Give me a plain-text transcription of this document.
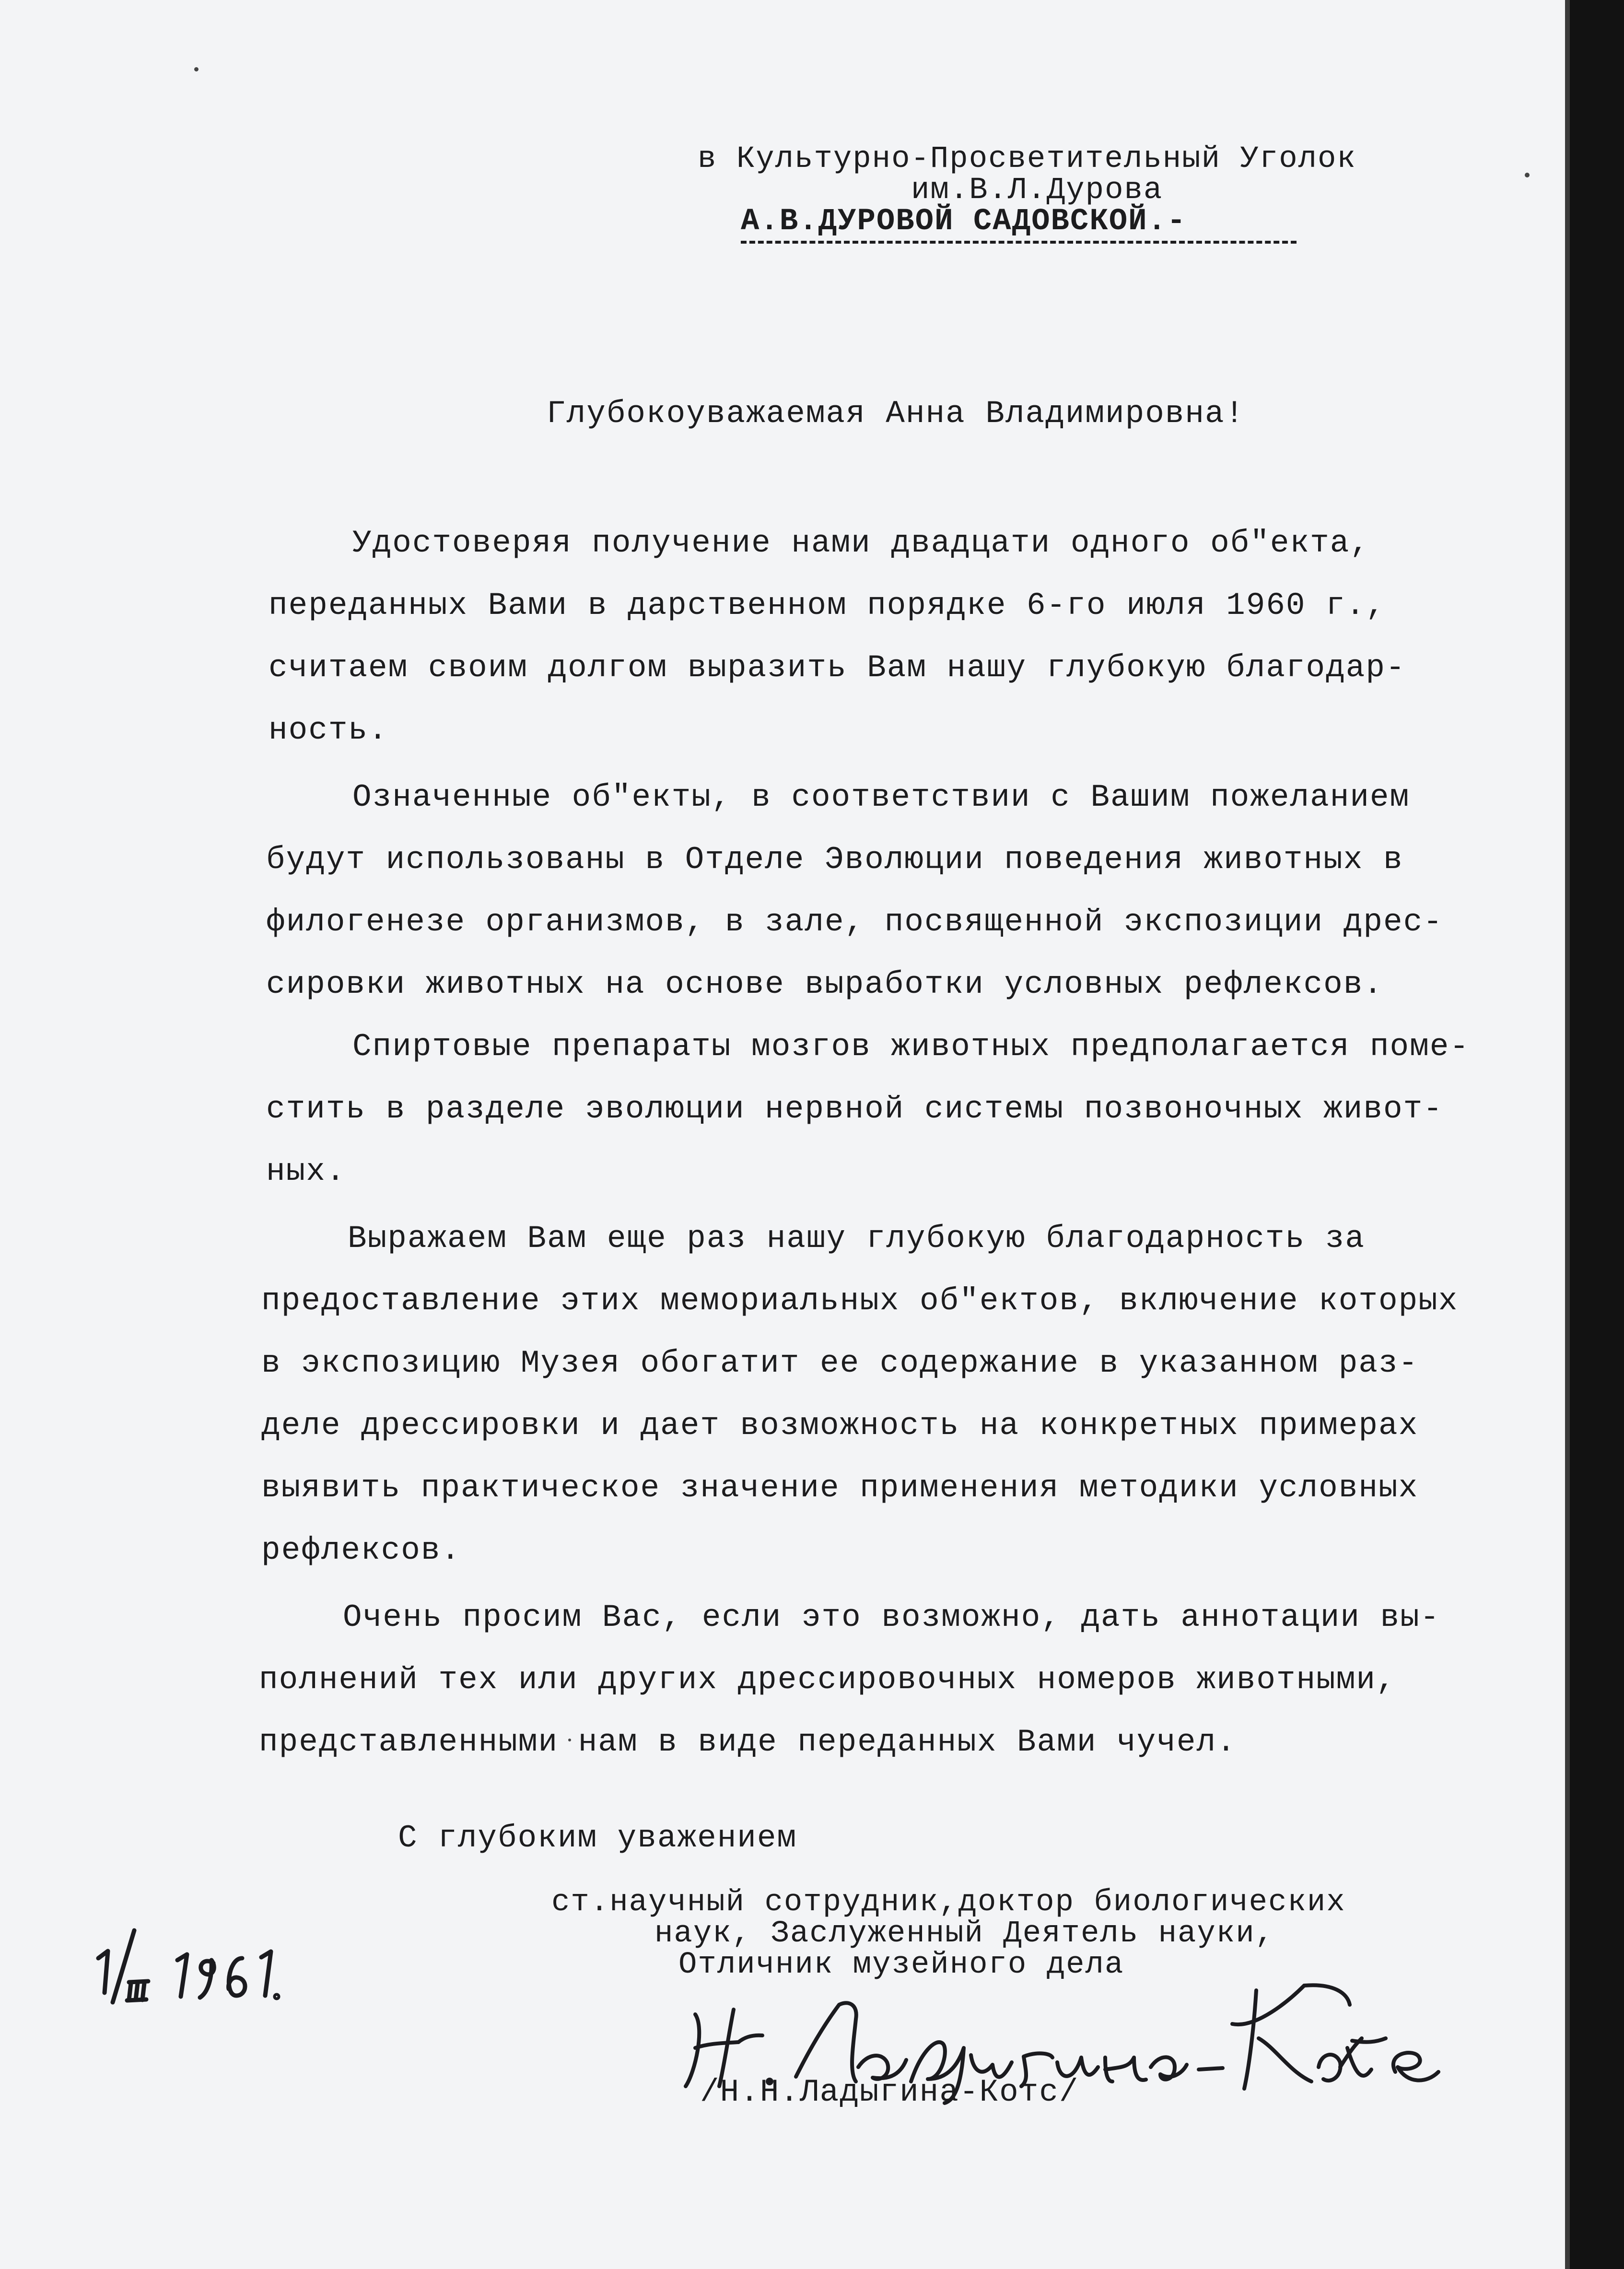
в Культурно-Просветительный Уголок
им.В.Л.Дурова
А.В.ДУРОВОЙ САДОВСКОЙ.-
Глубокоуважаемая Анна Владимировна!
Удостоверяя получение нами двадцати одного об"екта,
переданных Вами в дарственном порядке 6-го июля 1960 г.,
считаем своим долгом выразить Вам нашу глубокую благодар-
ность.
Означенные об"екты, в соответствии с Вашим пожеланием
будут использованы в Отделе Эволюции поведения животных в
филогенезе организмов, в зале, посвященной экспозиции дрес-
сировки животных на основе выработки условных рефлексов.
Спиртовые препараты мозгов животных предполагается поме-
стить в разделе эволюции нервной системы позвоночных живот-
ных.
Выражаем Вам еще раз нашу глубокую благодарность за
предоставление этих мемориальных об"ектов, включение которых
в экспозицию Музея обогатит ее содержание в указанном раз-
деле дрессировки и дает возможность на конкретных примерах
выявить практическое значение применения методики условных
рефлексов.
Очень просим Вас, если это возможно, дать аннотации вы-
полнений тех или других дрессировочных номеров животными,
представленными нам в виде переданных Вами чучел.
С глубоким уважением
ст.научный сотрудник,доктор биологических
наук, Заслуженный Деятель науки,
Отличник музейного дела
/Н.Н.Ладыгина-Котс/
